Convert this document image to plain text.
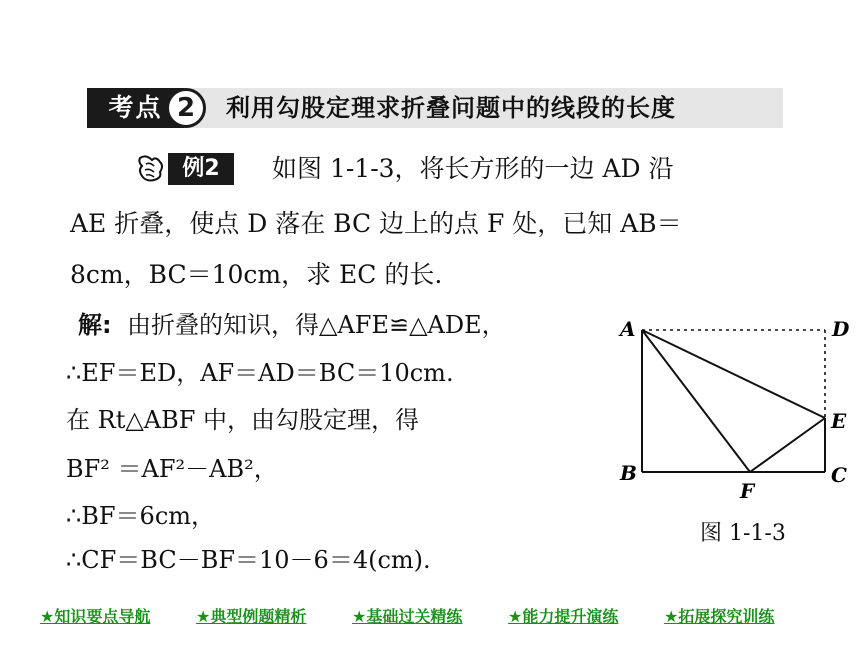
考点 2	利用勾股定理求折叠问题中的线段的长度
例2	如图 1-1-3，将长方形的一边 AD 沿
AE 折叠，使点 D 落在 BC 边上的点 F 处，已知 AB＝
8cm，BC＝10cm，求 EC 的长.
解: 由折叠的知识，得△AFE≌△ADE，
∴EF＝ED，AF＝AD＝BC＝10cm.
在 Rt△ABF 中，由勾股定理，得
BF² ＝AF²－AB²，
∴BF＝6cm，
∴CF＝BC－BF＝10－6＝4(cm).
A	D
E
B	C
F
图 1-1-3
★知识要点导航	★典型例题精析	★基础过关精练	★能力提升演练	★拓展探究训练
